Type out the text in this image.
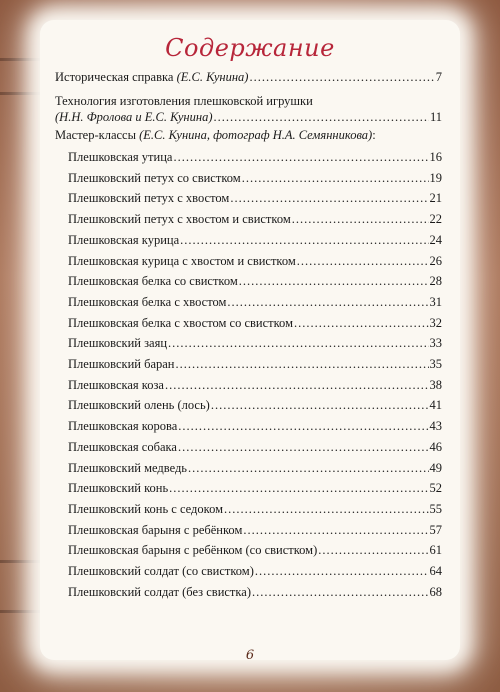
Содержание
Историческая справка (Е.С. Кунина) .....	7
Технология изготовления плешковской игрушки
(Н.Н. Фролова и Е.С. Кунина) .....	11
Мастер-классы (Е.С. Кунина, фотограф Н.А. Семянникова):
Плешковская утица .....	16
Плешковский петух со свистком .....	19
Плешковский петух с хвостом .....	21
Плешковский петух с хвостом и свистком .....	22
Плешковская курица .....	24
Плешковская курица с хвостом и свистком .....	26
Плешковская белка со свистком .....	28
Плешковская белка с хвостом .....	31
Плешковская белка с хвостом со свистком .....	32
Плешковский заяц .....	33
Плешковский баран .....	35
Плешковская коза .....	38
Плешковский олень (лось) .....	41
Плешковская корова .....	43
Плешковская собака .....	46
Плешковский медведь .....	49
Плешковский конь .....	52
Плешковский конь с седоком .....	55
Плешковская барыня с ребёнком .....	57
Плешковская барыня с ребёнком (со свистком) .....	61
Плешковский солдат (со свистком) .....	64
Плешковский солдат (без свистка) .....	68
6
